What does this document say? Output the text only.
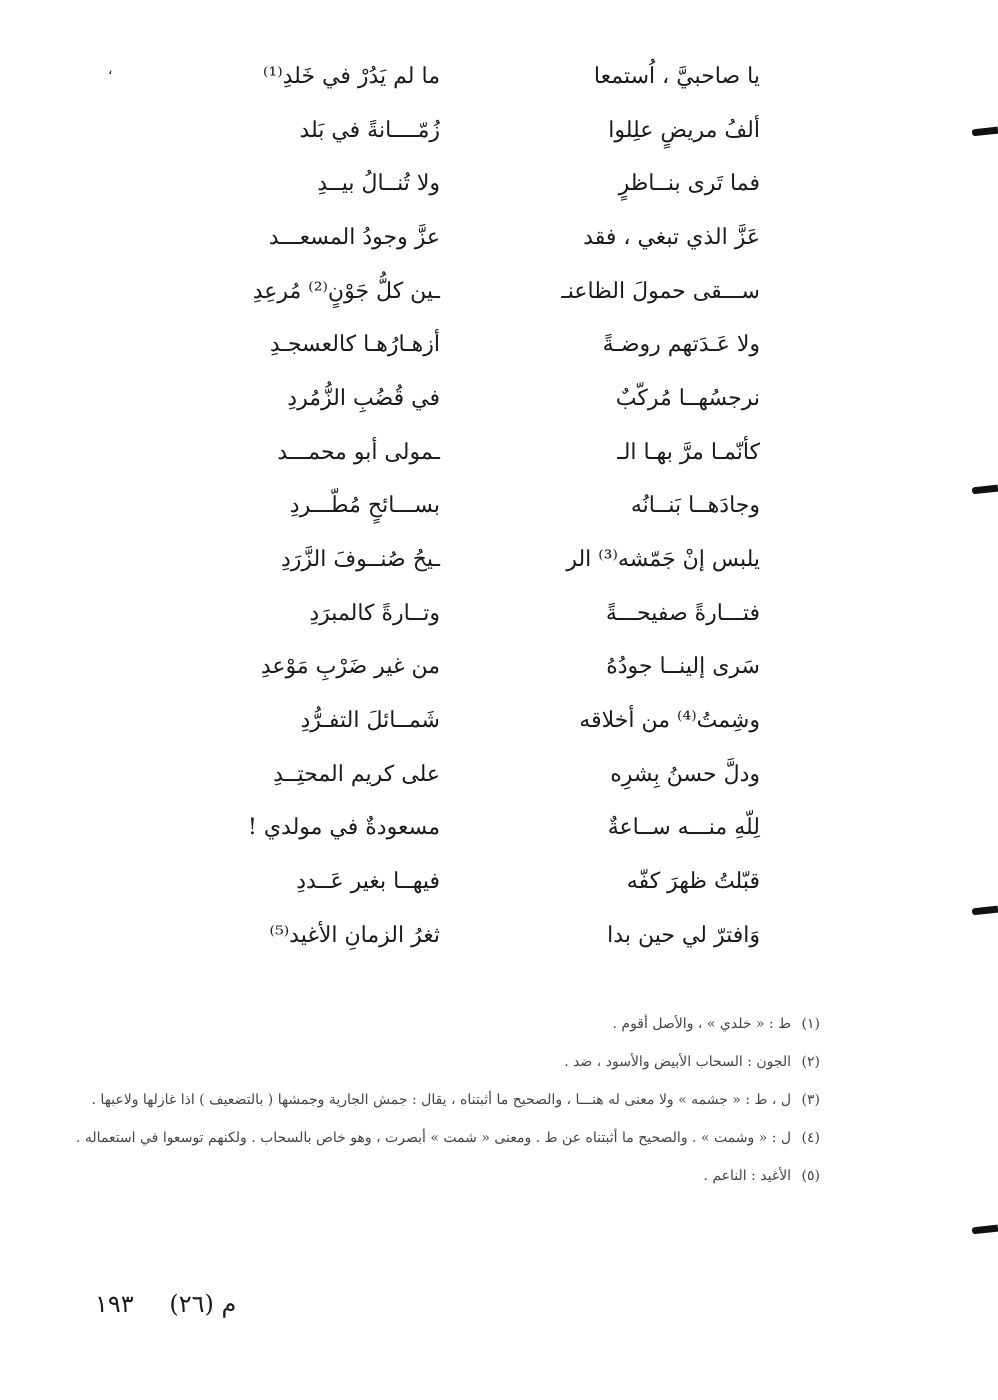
،	يا صاحبيَّ ، اُستمعا
ما لم يَدُرْ في خَلدِ⁽¹⁾
ألفُ مريضٍ علِلوا
زُمّــــانةً في بَلد
فما تَرى بنــاظرٍ
ولا تُنــالُ بيــدِ
عَزَّ الذي تبغي ، فقد
عزَّ وجودُ المسعـــد
ســـقى حمولَ الظاعنـ
ـين كلُّ جَوْنٍ⁽²⁾ مُرعِدِ
ولا عَـدَتهم روضـةً
أزهـارُهـا كالعسجـدِ
نرجسُهــا مُركّبٌ
في قُضُبِ الزُّمُردِ
كأنّمـا مرَّ بهـا الـ
ـمولى أبو محمـــد
وجادَهــا بَنــانُه
بســـائحٍ مُطّـــردِ
يلبس إنْ جَمّشه⁽³⁾ الر
ـيحُ صُنــوفَ الزَّرَدِ
فتـــارةً صفيحـــةً
وتــارةً كالمبرَدِ
سَرى إلينــا جودُهُ
من غير ضَرْبِ مَوْعدِ
وشِمتُ⁽⁴⁾ من أخلاقه
شَمــائلَ التفـرُّدِ
ودلَّ حسنُ بِشرِه
على كريم المحتِــدِ
لِلّهِ منـــه ســاعةٌ
مسعودةٌ في مولدي !
قبّلتُ ظهرَ كفّه
فيهــا بغير عَــددِ
وَافترّ لي حين بدا
ثغرُ الزمانِ الأغيد⁽⁵⁾

(١) ط : « خلدي » ، والأصل أقوم .

(٢) الجون : السحاب الأبيض والأسود ، ضد .

(٣) ل ، ط : « جشمه » ولا معنى له هنـــا ، والصحيح ما أثبتناه ، يقال : جمش الجارية وجمشها ( بالتضعيف ) اذا غازلها ولاعبها .

(٤) ل : « وشمت » . والصحيح ما أثبتناه عن ط . ومعنى « شمت » أبصرت ، وهو خاص بالسحاب . ولكنهم توسعوا في استعماله .

(٥) الأغيد : الناعم .

م (٢٦) ١٩٣
